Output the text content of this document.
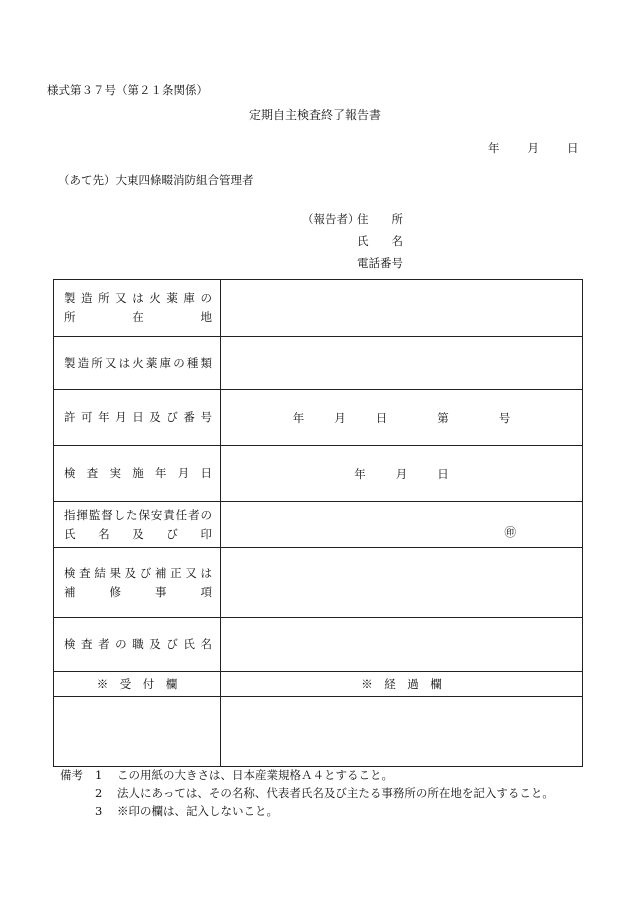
様式第３７号（第２１条関係）
定期自主検査終了報告書
年 月 日
（あて先）大東四條畷消防組合管理者
（報告者）
住　　所
氏　　名
電話番号
製造所又は火薬庫の
所在地	

製造所又は火薬庫の種類	

許可年月日及び番号	年 月 日 第 号

検査実施年月日	年 月 日

指揮監督した保安責任者の
氏名及び印	㊞

検査結果及び補正又は
補修事項	

検査者の職及び氏名	

※　受　付　欄	※　経　過　欄

備考	1	この用紙の大きさは、日本産業規格Ａ４とすること。
2	法人にあっては、その名称、代表者氏名及び主たる事務所の所在地を記入すること。
3	※印の欄は、記入しないこと。
